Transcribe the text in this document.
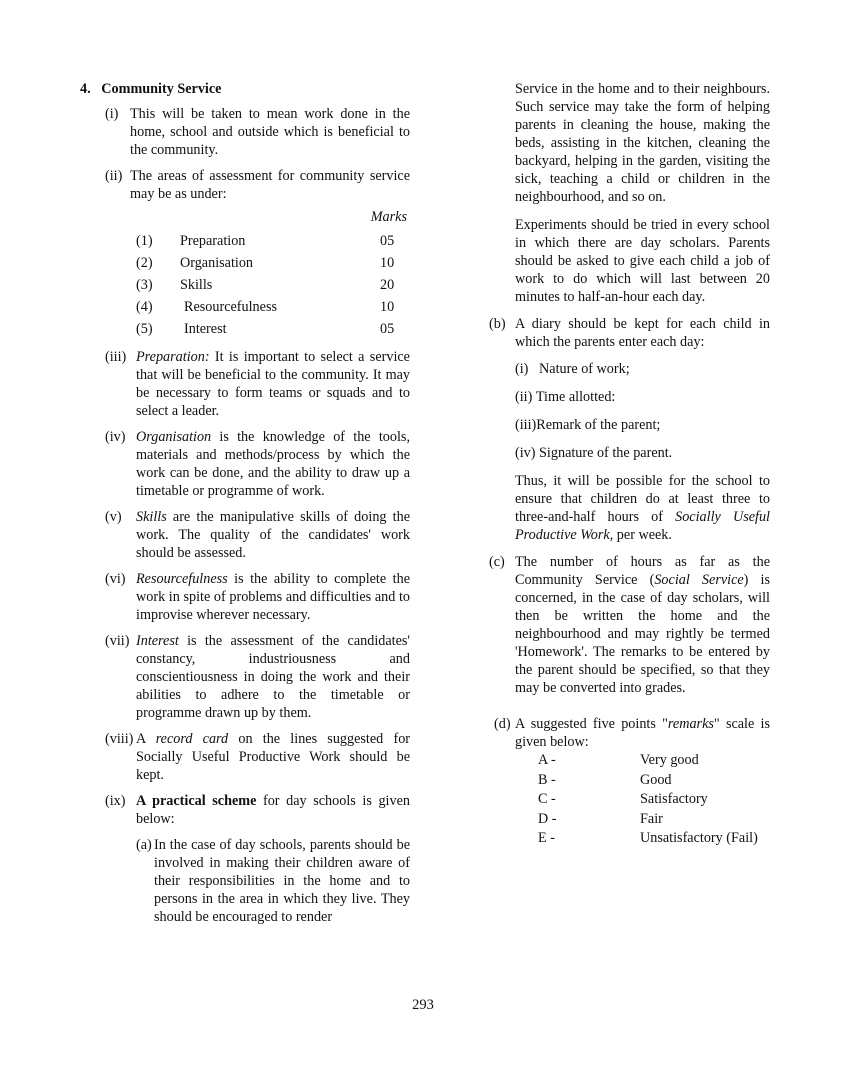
4. Community Service
(i) This will be taken to mean work done in the home, school and outside which is beneficial to the community.
(ii) The areas of assessment for community service may be as under:
Marks
(1) Preparation	05
(2) Organisation	10
(3) Skills	20
(4) Resourcefulness	10
(5) Interest	05
(iii) Preparation: It is important to select a service that will be beneficial to the community. It may be necessary to form teams or squads and to select a leader.
(iv) Organisation is the knowledge of the tools, materials and methods/process by which the work can be done, and the ability to draw up a timetable or programme of work.
(v) Skills are the manipulative skills of doing the work. The quality of the candidates' work should be assessed.
(vi) Resourcefulness is the ability to complete the work in spite of problems and difficulties and to improvise wherever necessary.
(vii) Interest is the assessment of the candidates' constancy, industriousness and conscientiousness in doing the work and their abilities to adhere to the timetable or programme drawn up by them.
(viii) A record card on the lines suggested for Socially Useful Productive Work should be kept.
(ix) A practical scheme for day schools is given below:
(a) In the case of day schools, parents should be involved in making their children aware of their responsibilities in the home and to persons in the area in which they live. They should be encouraged to render
Service in the home and to their neighbours. Such service may take the form of helping parents in cleaning the house, making the beds, assisting in the kitchen, cleaning the backyard, helping in the garden, visiting the sick, teaching a child or children in the neighbourhood, and so on.
Experiments should be tried in every school in which there are day scholars. Parents should be asked to give each child a job of work to do which will last between 20 minutes to half-an-hour each day.
(b) A diary should be kept for each child in which the parents enter each day:
(i) Nature of work;
(ii) Time allotted:
(iii)Remark of the parent;
(iv) Signature of the parent.
Thus, it will be possible for the school to ensure that children do at least three to three-and-half hours of Socially Useful Productive Work, per week.
(c) The number of hours as far as the Community Service (Social Service) is concerned, in the case of day scholars, will then be written the home and the neighbourhood and may rightly be termed 'Homework'. The remarks to be entered by the parent should be specified, so that they may be converted into grades.
(d) A suggested five points "remarks" scale is given below:
A -	Very good
B -	Good
C -	Satisfactory
D -	Fair
E -	Unsatisfactory (Fail)
293
